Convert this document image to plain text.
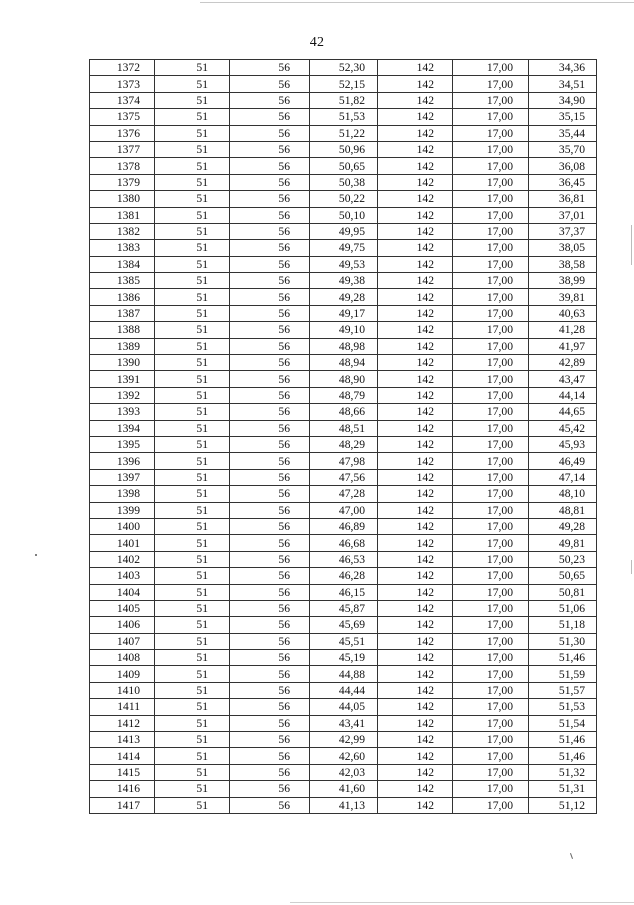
42
1372	51	56	52,30	142	17,00	34,36
1373	51	56	52,15	142	17,00	34,51
1374	51	56	51,82	142	17,00	34,90
1375	51	56	51,53	142	17,00	35,15
1376	51	56	51,22	142	17,00	35,44
1377	51	56	50,96	142	17,00	35,70
1378	51	56	50,65	142	17,00	36,08
1379	51	56	50,38	142	17,00	36,45
1380	51	56	50,22	142	17,00	36,81
1381	51	56	50,10	142	17,00	37,01
1382	51	56	49,95	142	17,00	37,37
1383	51	56	49,75	142	17,00	38,05
1384	51	56	49,53	142	17,00	38,58
1385	51	56	49,38	142	17,00	38,99
1386	51	56	49,28	142	17,00	39,81
1387	51	56	49,17	142	17,00	40,63
1388	51	56	49,10	142	17,00	41,28
1389	51	56	48,98	142	17,00	41,97
1390	51	56	48,94	142	17,00	42,89
1391	51	56	48,90	142	17,00	43,47
1392	51	56	48,79	142	17,00	44,14
1393	51	56	48,66	142	17,00	44,65
1394	51	56	48,51	142	17,00	45,42
1395	51	56	48,29	142	17,00	45,93
1396	51	56	47,98	142	17,00	46,49
1397	51	56	47,56	142	17,00	47,14
1398	51	56	47,28	142	17,00	48,10
1399	51	56	47,00	142	17,00	48,81
1400	51	56	46,89	142	17,00	49,28
1401	51	56	46,68	142	17,00	49,81
1402	51	56	46,53	142	17,00	50,23
1403	51	56	46,28	142	17,00	50,65
1404	51	56	46,15	142	17,00	50,81
1405	51	56	45,87	142	17,00	51,06
1406	51	56	45,69	142	17,00	51,18
1407	51	56	45,51	142	17,00	51,30
1408	51	56	45,19	142	17,00	51,46
1409	51	56	44,88	142	17,00	51,59
1410	51	56	44,44	142	17,00	51,57
1411	51	56	44,05	142	17,00	51,53
1412	51	56	43,41	142	17,00	51,54
1413	51	56	42,99	142	17,00	51,46
1414	51	56	42,60	142	17,00	51,46
1415	51	56	42,03	142	17,00	51,32
1416	51	56	41,60	142	17,00	51,31
1417	51	56	41,13	142	17,00	51,12
